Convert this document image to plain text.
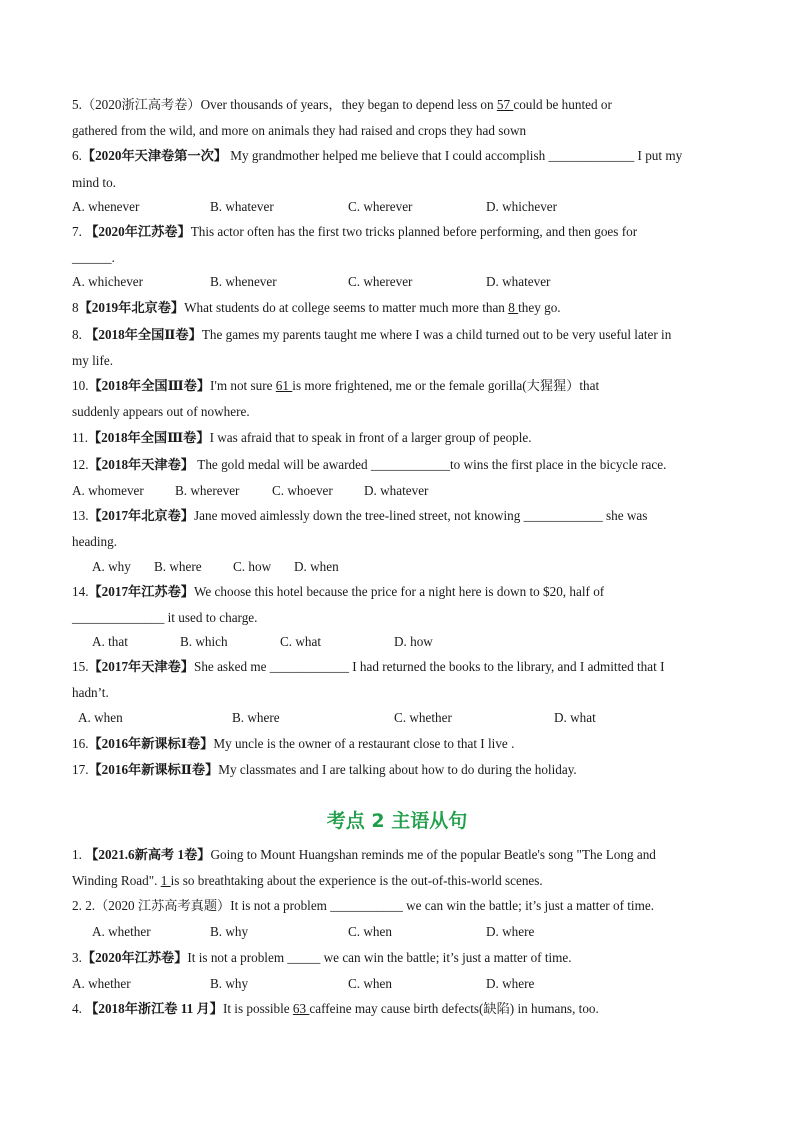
5.（2020浙江高考卷）Over thousands of years，they began to depend less on 57 could be hunted or
gathered from the wild, and more on animals they had raised and crops they had sown
6.【2020年天津卷第一次】 My grandmother helped me believe that I could accomplish _____________ I put my
mind to.
A. whenever	B. whatever	C. wherever	D. whichever
7. 【2020年江苏卷】This actor often has the first two tricks planned before performing, and then goes for
______.
A. whichever	B. whenever	C. wherever	D. whatever
8【2019年北京卷】What students do at college seems to matter much more than 8 they go.
8. 【2018年全国Ⅱ卷】The games my parents taught me where I was a child turned out to be very useful later in
my life.
10.【2018年全国Ⅲ卷】I'm not sure 61 is more frightened, me or the female gorilla(大猩猩）that
suddenly appears out of nowhere.
11.【2018年全国Ⅲ卷】I was afraid that to speak in front of a larger group of people.
12.【2018年天津卷】 The gold medal will be awarded ____________to wins the first place in the bicycle race.
A. whomever B. wherever C. whoever D. whatever
13.【2017年北京卷】Jane moved aimlessly down the tree-lined street, not knowing ____________ she was
heading.
A. why B. where C. how D. when
14.【2017年江苏卷】We choose this hotel because the price for a night here is down to $20, half of
______________ it used to charge.
A. that	B. which	C. what	D. how
15.【2017年天津卷】She asked me ____________ I had returned the books to the library, and I admitted that I
hadn’t.
A. when	B. where	C. whether	D. what
16.【2016年新课标Ⅰ卷】My uncle is the owner of a restaurant close to that I live .
17.【2016年新课标Ⅱ卷】My classmates and I are talking about how to do during the holiday.
考点 2 主语从句
1. 【2021.6新高考 1卷】Going to Mount Huangshan reminds me of the popular Beatle's song "The Long and
Winding Road". 1 is so breathtaking about the experience is the out-of-this-world scenes.
2. 2.（2020 江苏高考真题）It is not a problem ___________ we can win the battle; it’s just a matter of time.
A. whether	B. why	C. when	D. where
3.【2020年江苏卷】It is not a problem _____ we can win the battle; it’s just a matter of time.
A. whether	B. why	C. when	D. where
4. 【2018年浙江卷 11 月】It is possible 63 caffeine may cause birth defects(缺陷) in humans, too.
